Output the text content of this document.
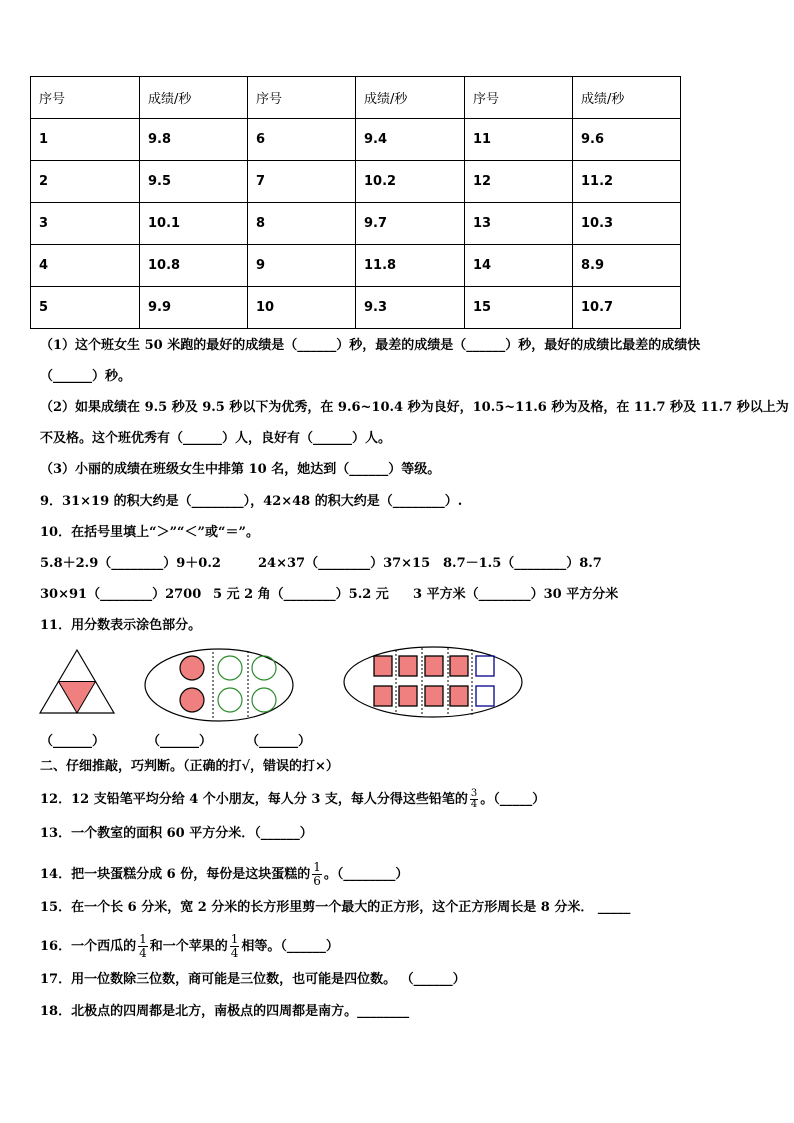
序号	成绩/秒	序号	成绩/秒	序号	成绩/秒
1	9.8	6	9.4	11	9.6
2	9.5	7	10.2	12	11.2
3	10.1	8	9.7	13	10.3
4	10.8	9	11.8	14	8.9
5	9.9	10	9.3	15	10.7
（1）这个班女生 50 米跑的最好的成绩是（______）秒，最差的成绩是（______）秒，最好的成绩比最差的成绩快
（______）秒。
（2）如果成绩在 9.5 秒及 9.5 秒以下为优秀，在 9.6~10.4 秒为良好，10.5~11.6 秒为及格，在 11.7 秒及 11.7 秒以上为
不及格。这个班优秀有（______）人，良好有（______）人。
（3）小丽的成绩在班级女生中排第 10 名，她达到（______）等级。
9．31×19 的积大约是（________），42×48 的积大约是（________）.
10．在括号里填上“＞”“＜”或“＝”。
5.8＋2.9（________）9＋0.2	24×37（________）37×15 8.7－1.5（________）8.7
30×91（________）2700 5 元 2 角（________）5.2 元 3 平方米（________）30 平方分米
11．用分数表示涂色部分。
（______）	（______）	（______）
二、仔细推敲，巧判断。（正确的打√，错误的打×）
12．12 支铅笔平均分给 4 个小朋友，每人分 3 支，每人分得这些铅笔的 $\frac{3}{4}$ 。（_____）
13．一个教室的面积 60 平方分米．（______）
14．把一块蛋糕分成 6 份，每份是这块蛋糕的 $\frac{1}{6}$ 。（________）
15．在一个长 6 分米，宽 2 分米的长方形里剪一个最大的正方形，这个正方形周长是 8 分米． _____
16．一个西瓜的 $\frac{1}{4}$ 和一个苹果的 $\frac{1}{4}$ 相等。（______）
17．用一位数除三位数，商可能是三位数，也可能是四位数。 （______）
18．北极点的四周都是北方，南极点的四周都是南方。________
